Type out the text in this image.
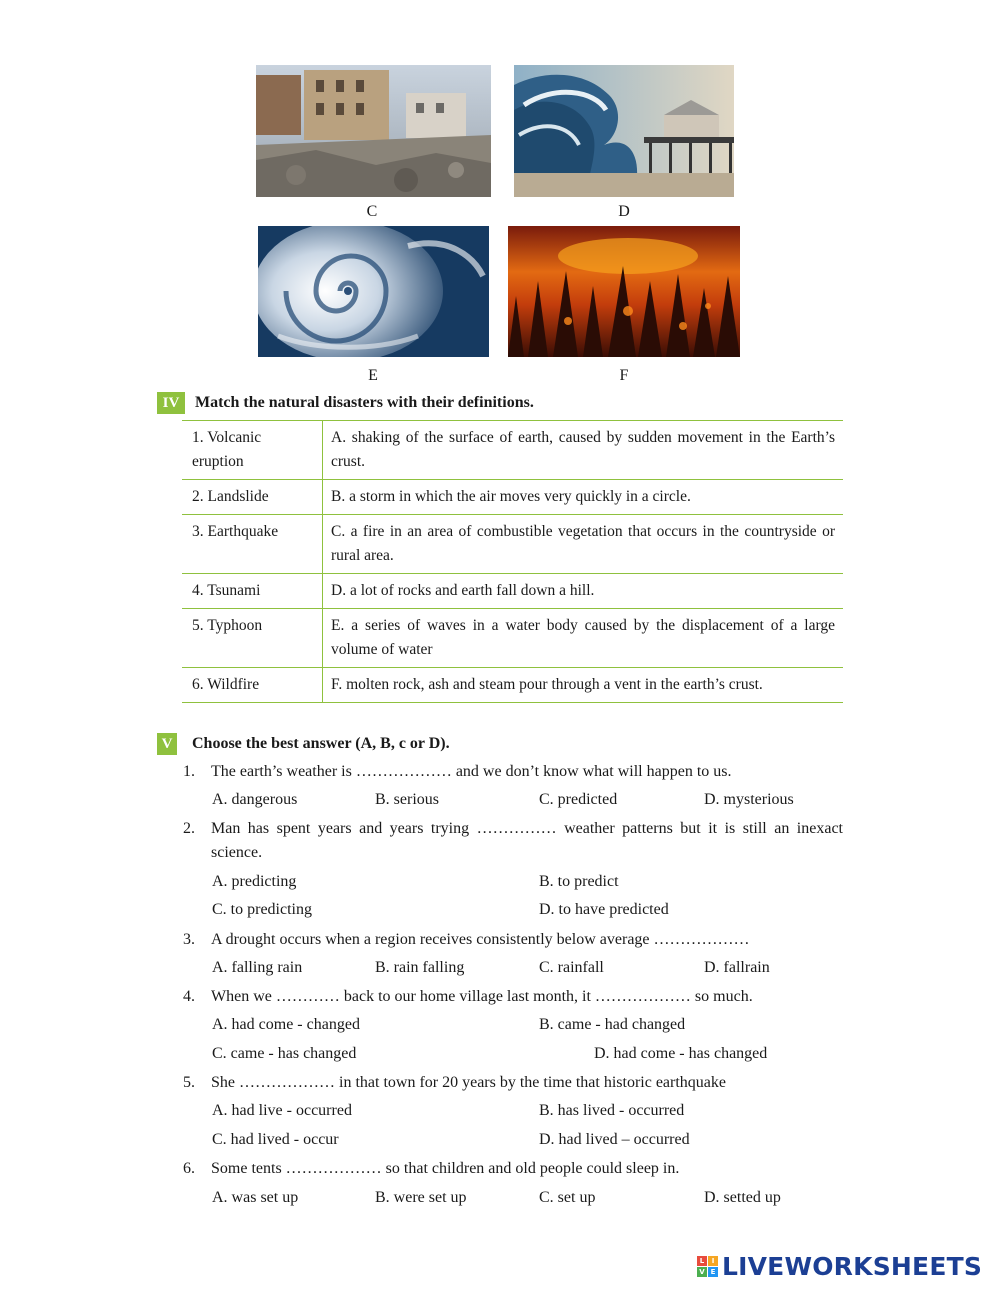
C	D
E	F
IV Match the natural disasters with their definitions.
1. Volcanic eruption	A. shaking of the surface of earth, caused by sudden movement in the Earth’s crust.
2. Landslide	B. a storm in which the air moves very quickly in a circle.
3. Earthquake	C. a fire in an area of combustible vegetation that occurs in the countryside or rural area.
4. Tsunami	D. a lot of rocks and earth fall down a hill.
5. Typhoon	E. a series of waves in a water body caused by the displacement of a large volume of water
6. Wildfire	F. molten rock, ash and steam pour through a vent in the earth’s crust.
V Choose the best answer (A, B, c or D).
1. The earth’s weather is ……………… and we don’t know what will happen to us.
A. dangerous	B. serious	C. predicted	D. mysterious
2. Man has spent years and years trying …………… weather patterns but it is still an inexact science.
A. predicting	B. to predict
C. to predicting	D. to have predicted
3. A drought occurs when a region receives consistently below average ………………
A. falling rain	B. rain falling	C. rainfall	D. fallrain
4. When we ………… back to our home village last month, it ……………… so much.
A. had come - changed	B. came - had changed
C. came - has changed	D. had come - has changed
5. She ……………… in that town for 20 years by the time that historic earthquake
A. had live - occurred	B. has lived - occurred
C. had lived - occur	D. had lived – occurred
6. Some tents ……………… so that children and old people could sleep in.
A. was set up	B. were set up	C. set up	D. setted up
L	I
V E LIVEWORKSHEETS
